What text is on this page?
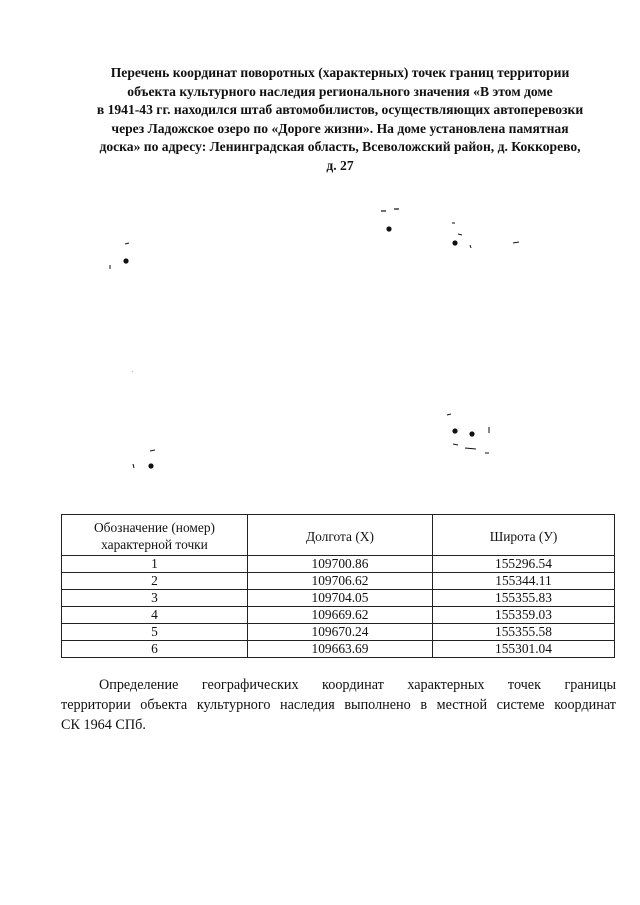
Перечень координат поворотных (характерных) точек границ территории
объекта культурного наследия регионального значения «В этом доме
в 1941-43 гг. находился штаб автомобилистов, осуществляющих автоперевозки
через Ладожское озеро по «Дороге жизни». На доме установлена памятная
доска» по адресу: Ленинградская область, Всеволожский район, д. Коккорево,
д. 27
Обозначение (номер) характерной точки	Долгота (X)	Широта (У)
1	109700.86	155296.54
2	109706.62	155344.11
3	109704.05	155355.83
4	109669.62	155359.03
5	109670.24	155355.58
6	109663.69	155301.04
Определение географических координат характерных точек границы
территории объекта культурного наследия выполнено в местной системе координат
СК 1964 СПб.
